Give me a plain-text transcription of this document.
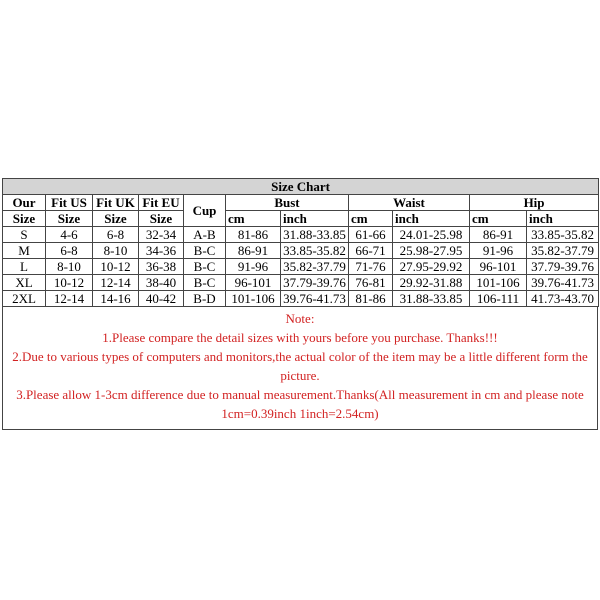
Size Chart										
Our	Fit US	Fit UK	Fit EU	Cup	Bust		Waist		Hip	
Size	Size	Size	Size		cm	inch	cm	inch	cm	inch
S	4-6	6-8	32-34	A-B	81-86	31.88-33.85	61-66	24.01-25.98	86-91	33.85-35.82
M	6-8	8-10	34-36	B-C	86-91	33.85-35.82	66-71	25.98-27.95	91-96	35.82-37.79
L	8-10	10-12	36-38	B-C	91-96	35.82-37.79	71-76	27.95-29.92	96-101	37.79-39.76
XL	10-12	12-14	38-40	B-C	96-101	37.79-39.76	76-81	29.92-31.88	101-106	39.76-41.73
2XL	12-14	14-16	40-42	B-D	101-106	39.76-41.73	81-86	31.88-33.85	106-111	41.73-43.70
Note:
1.Please compare the detail sizes with yours before you purchase. Thanks!!!
2.Due to various types of computers and monitors,the actual color of the item may be a little different form the
picture.
3.Please allow 1-3cm difference due to manual measurement.Thanks(All measurement in cm and please note
1cm=0.39inch 1inch=2.54cm)
